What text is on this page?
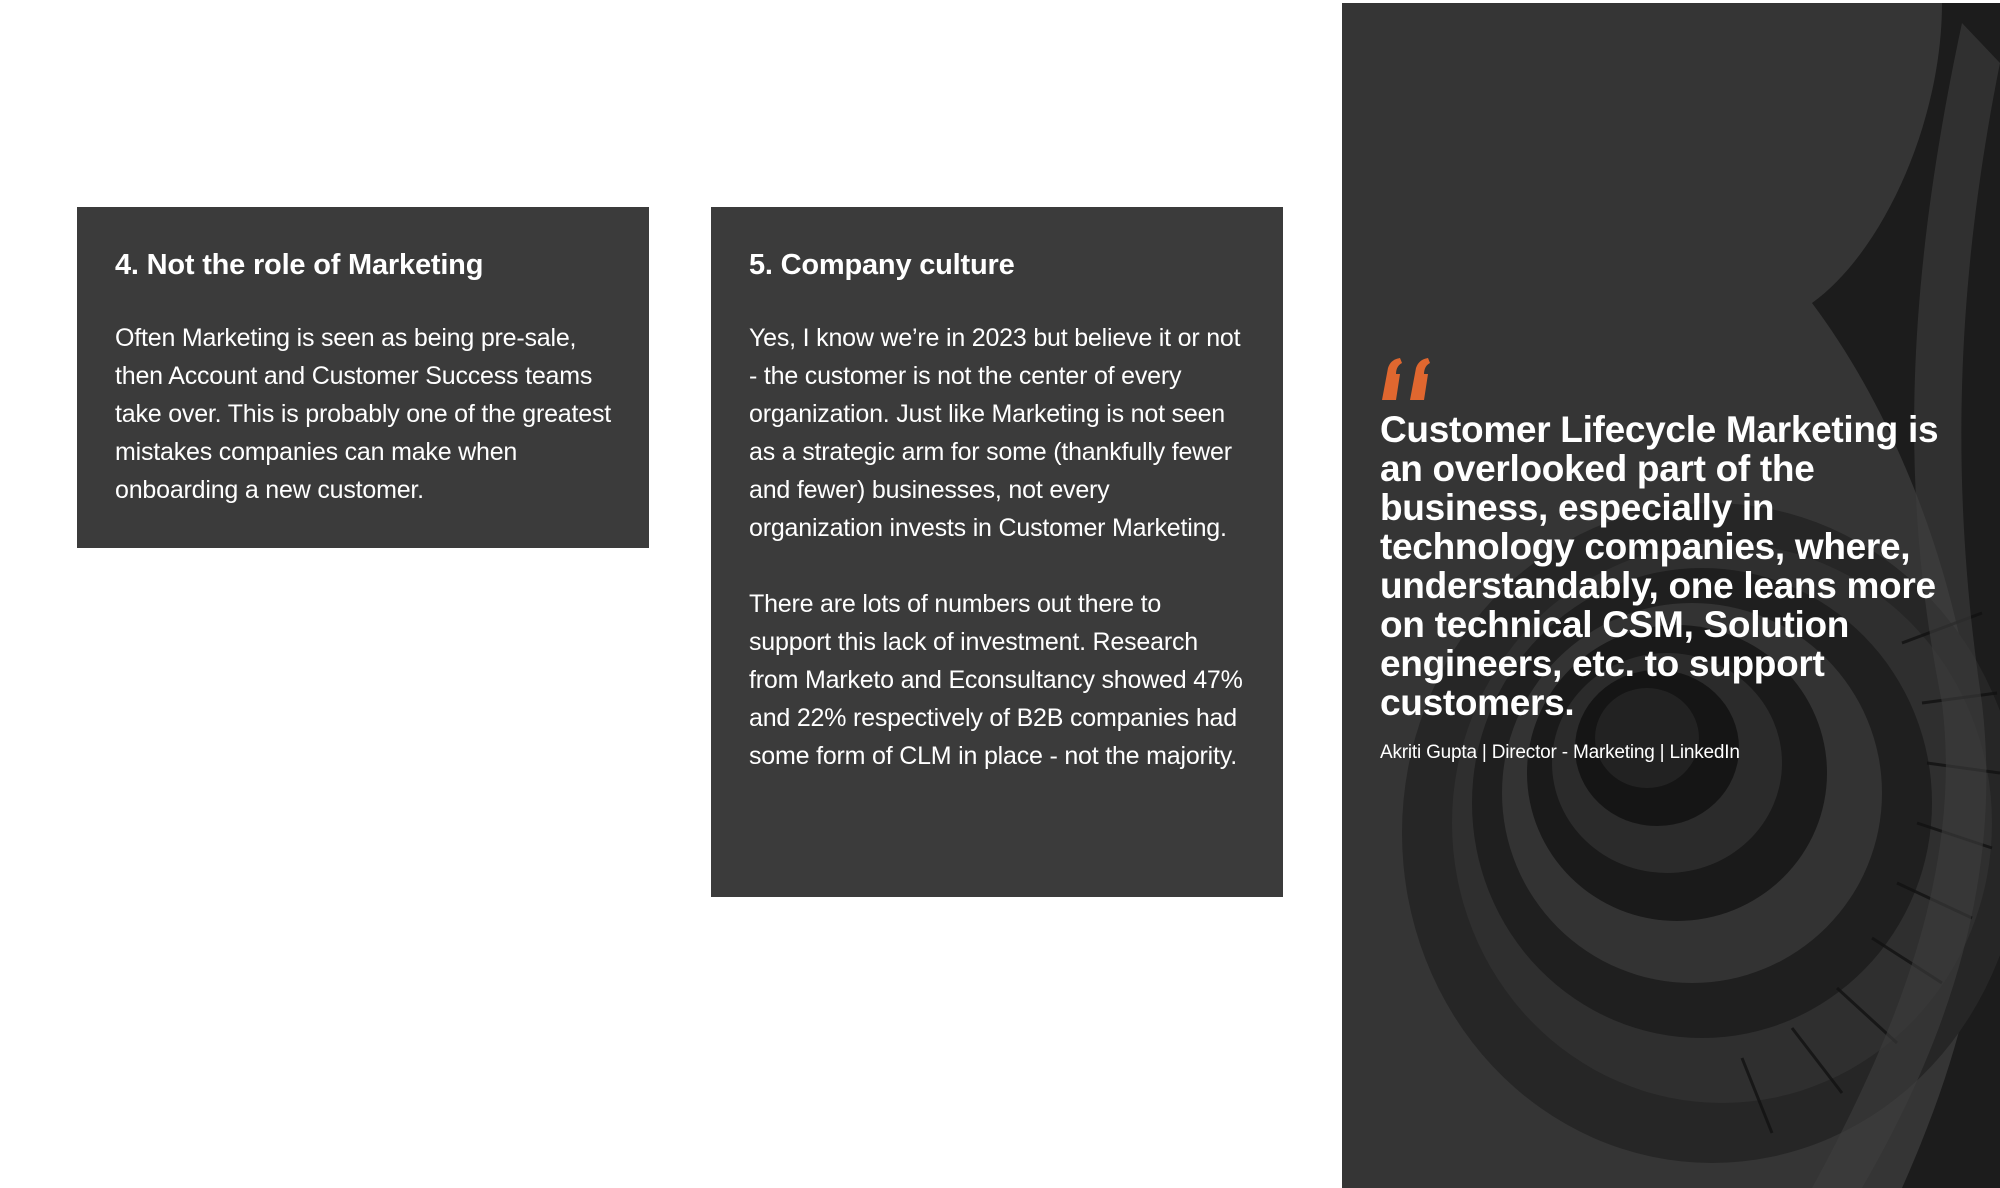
4. Not the role of Marketing

Often Marketing is seen as being pre-sale, then Account and Customer Success teams take over. This is probably one of the greatest mistakes companies can make when onboarding a new customer.

5. Company culture

Yes, I know we’re in 2023 but believe it or not - the customer is not the center of every organization. Just like Marketing is not seen as a strategic arm for some (thankfully fewer and fewer) businesses, not every organization invests in Customer Marketing.

There are lots of numbers out there to support this lack of investment. Research from Marketo and Econsultancy showed 47% and 22% respectively of B2B companies had some form of CLM in place - not the majority.

Customer Lifecycle Marketing is an overlooked part of the business, especially in technology companies, where, understandably, one leans more on technical CSM, Solution engineers, etc. to support customers.

Akriti Gupta | Director - Marketing | LinkedIn
